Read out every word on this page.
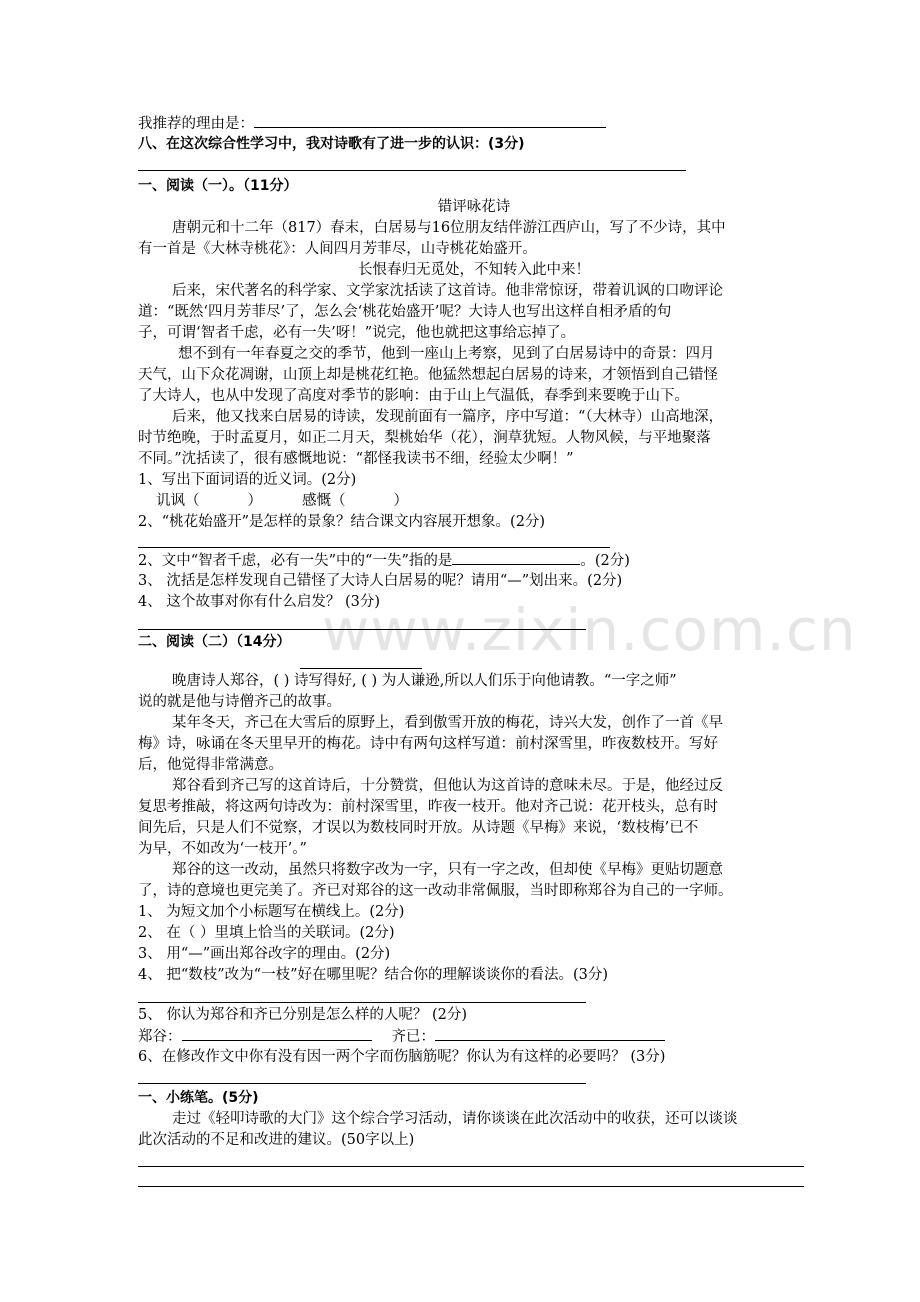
我推荐的理由是：
八、在这次综合性学习中，我对诗歌有了进一步的认识：(3分)
一、阅读（一）。（11分）
错评咏花诗
唐朝元和十二年（817）春末，白居易与16位朋友结伴游江西庐山，写了不少诗，其中
有一首是《大林寺桃花》：人间四月芳菲尽，山寺桃花始盛开。
长恨春归无觅处，不知转入此中来！
后来，宋代著名的科学家、文学家沈括读了这首诗。他非常惊讶，带着讥讽的口吻评论
道：“既然‘四月芳菲尽’了，怎么会‘桃花始盛开’呢？大诗人也写出这样自相矛盾的句
子，可谓‘智者千虑，必有一失’呀！”说完，他也就把这事给忘掉了。
想不到有一年春夏之交的季节，他到一座山上考察，见到了白居易诗中的奇景：四月
天气，山下众花凋谢，山顶上却是桃花红艳。他猛然想起白居易的诗来，才领悟到自己错怪
了大诗人，也从中发现了高度对季节的影响：由于山上气温低，春季到来要晚于山下。
后来，他又找来白居易的诗读，发现前面有一篇序，序中写道：“（大林寺）山高地深，
时节绝晚，于时孟夏月，如正二月天，梨桃始华（花），涧草犹短。人物风候，与平地聚落
不同。”沈括读了，很有感慨地说：“都怪我读书不细，经验太少啊！”
1、写出下面词语的近义词。(2分)
讥讽（	）	感慨（	）
2、“桃花始盛开”是怎样的景象？结合课文内容展开想象。(2分)
2、文中“智者千虑，必有一失”中的“一失”指的是	。(2分)
3、 沈括是怎样发现自己错怪了大诗人白居易的呢？请用“—”划出来。(2分)
4、 这个故事对你有什么启发？ (3分)
二、阅读（二）（14分）
晚唐诗人郑谷，( ) 诗写得好, ( ) 为人谦逊,所以人们乐于向他请教。“一字之师”
说的就是他与诗僧齐己的故事。
某年冬天，齐己在大雪后的原野上，看到傲雪开放的梅花，诗兴大发，创作了一首《早
梅》诗，咏诵在冬天里早开的梅花。诗中有两句这样写道：前村深雪里，昨夜数枝开。写好
后，他觉得非常满意。
郑谷看到齐己写的这首诗后，十分赞赏，但他认为这首诗的意味未尽。于是，他经过反
复思考推敲，将这两句诗改为：前村深雪里，昨夜一枝开。他对齐己说：花开枝头，总有时
间先后，只是人们不觉察，才误以为数枝同时开放。从诗题《早梅》来说，‘数枝梅’已不
为早，不如改为‘一枝开’。”
郑谷的这一改动，虽然只将数字改为一字，只有一字之改，但却使《早梅》更贴切题意
了，诗的意境也更完美了。齐已对郑谷的这一改动非常佩服，当时即称郑谷为自己的一字师。
1、 为短文加个小标题写在横线上。(2分)
2、 在（ ）里填上恰当的关联词。(2分)
3、 用“—”画出郑谷改字的理由。(2分)
4、 把“数枝”改为“一枝”好在哪里呢？结合你的理解谈谈你的看法。(3分)
5、 你认为郑谷和齐已分别是怎么样的人呢？ (2分)
郑谷：	齐已：
6、在修改作文中你有没有因一两个字而伤脑筋呢？你认为有这样的必要吗？ (3分)
一、小练笔。(5分)
走过《轻叩诗歌的大门》这个综合学习活动，请你谈谈在此次活动中的收获，还可以谈谈
此次活动的不足和改进的建议。(50字以上)
www.zixin.com.cn
